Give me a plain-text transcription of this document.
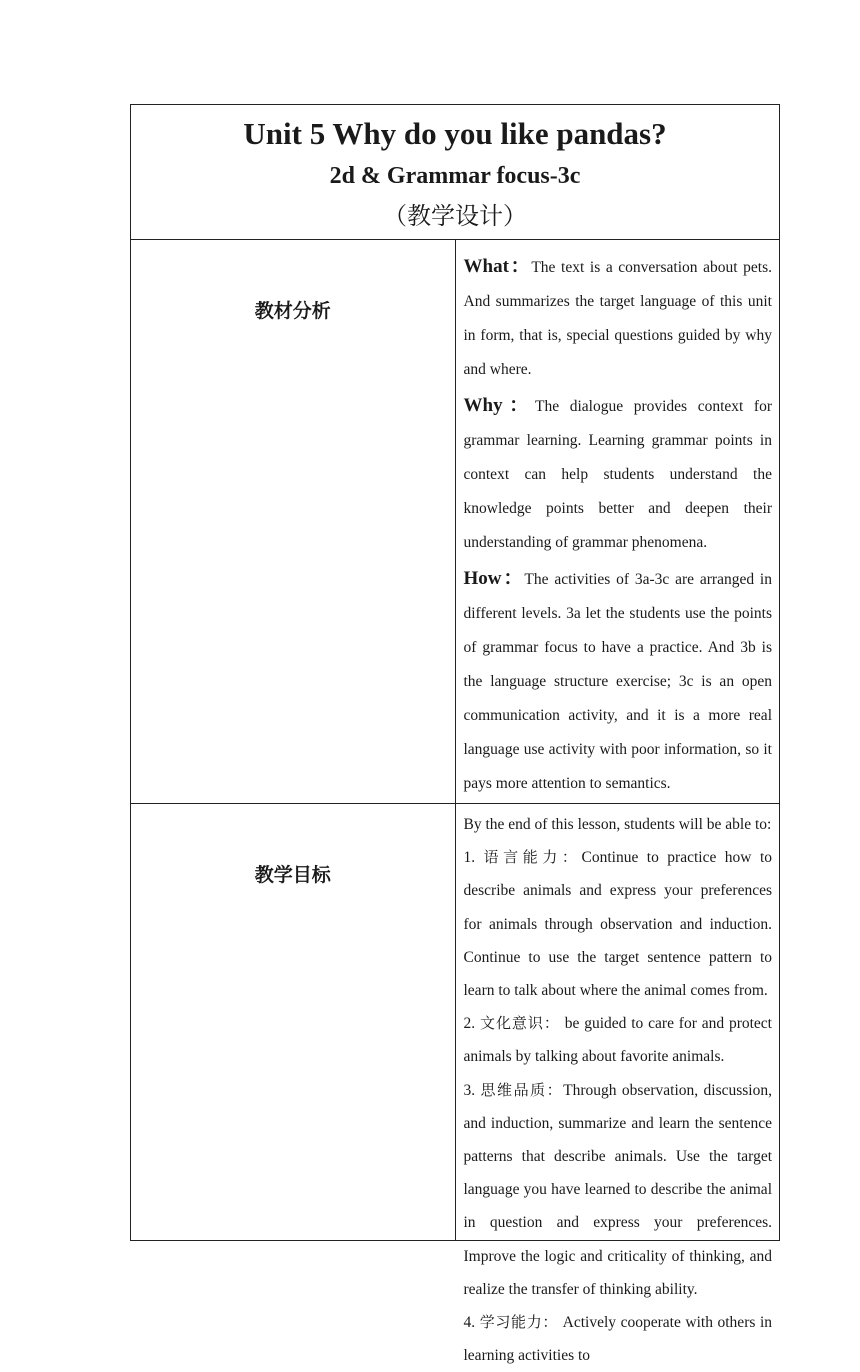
Unit 5 Why do you like pandas?
2d & Grammar focus-3c
（教学设计）	

教材分析	What：The text is a conversation about pets. And summarizes the target language of this unit in form, that is, special questions guided by why and where.

Why：The dialogue provides context for grammar learning. Learning grammar points in context can help students understand the knowledge points better and deepen their understanding of grammar phenomena.

How：The activities of 3a-3c are arranged in different levels. 3a let the students use the points of grammar focus to have a practice. And 3b is the language structure exercise; 3c is an open communication activity, and it is a more real language use activity with poor information, so it pays more attention to semantics.

教学目标	By the end of this lesson, students will be able to:

1. 语言能力：Continue to practice how to describe animals and express your preferences for animals through observation and induction. Continue to use the target sentence pattern to learn to talk about where the animal comes from.

2. 文化意识： be guided to care for and protect animals by talking about favorite animals.

3. 思维品质：Through observation, discussion, and induction, summarize and learn the sentence patterns that describe animals. Use the target language you have learned to describe the animal in question and express your preferences. Improve the logic and criticality of thinking, and realize the transfer of thinking ability.

4. 学习能力： Actively cooperate with others in learning activities to
